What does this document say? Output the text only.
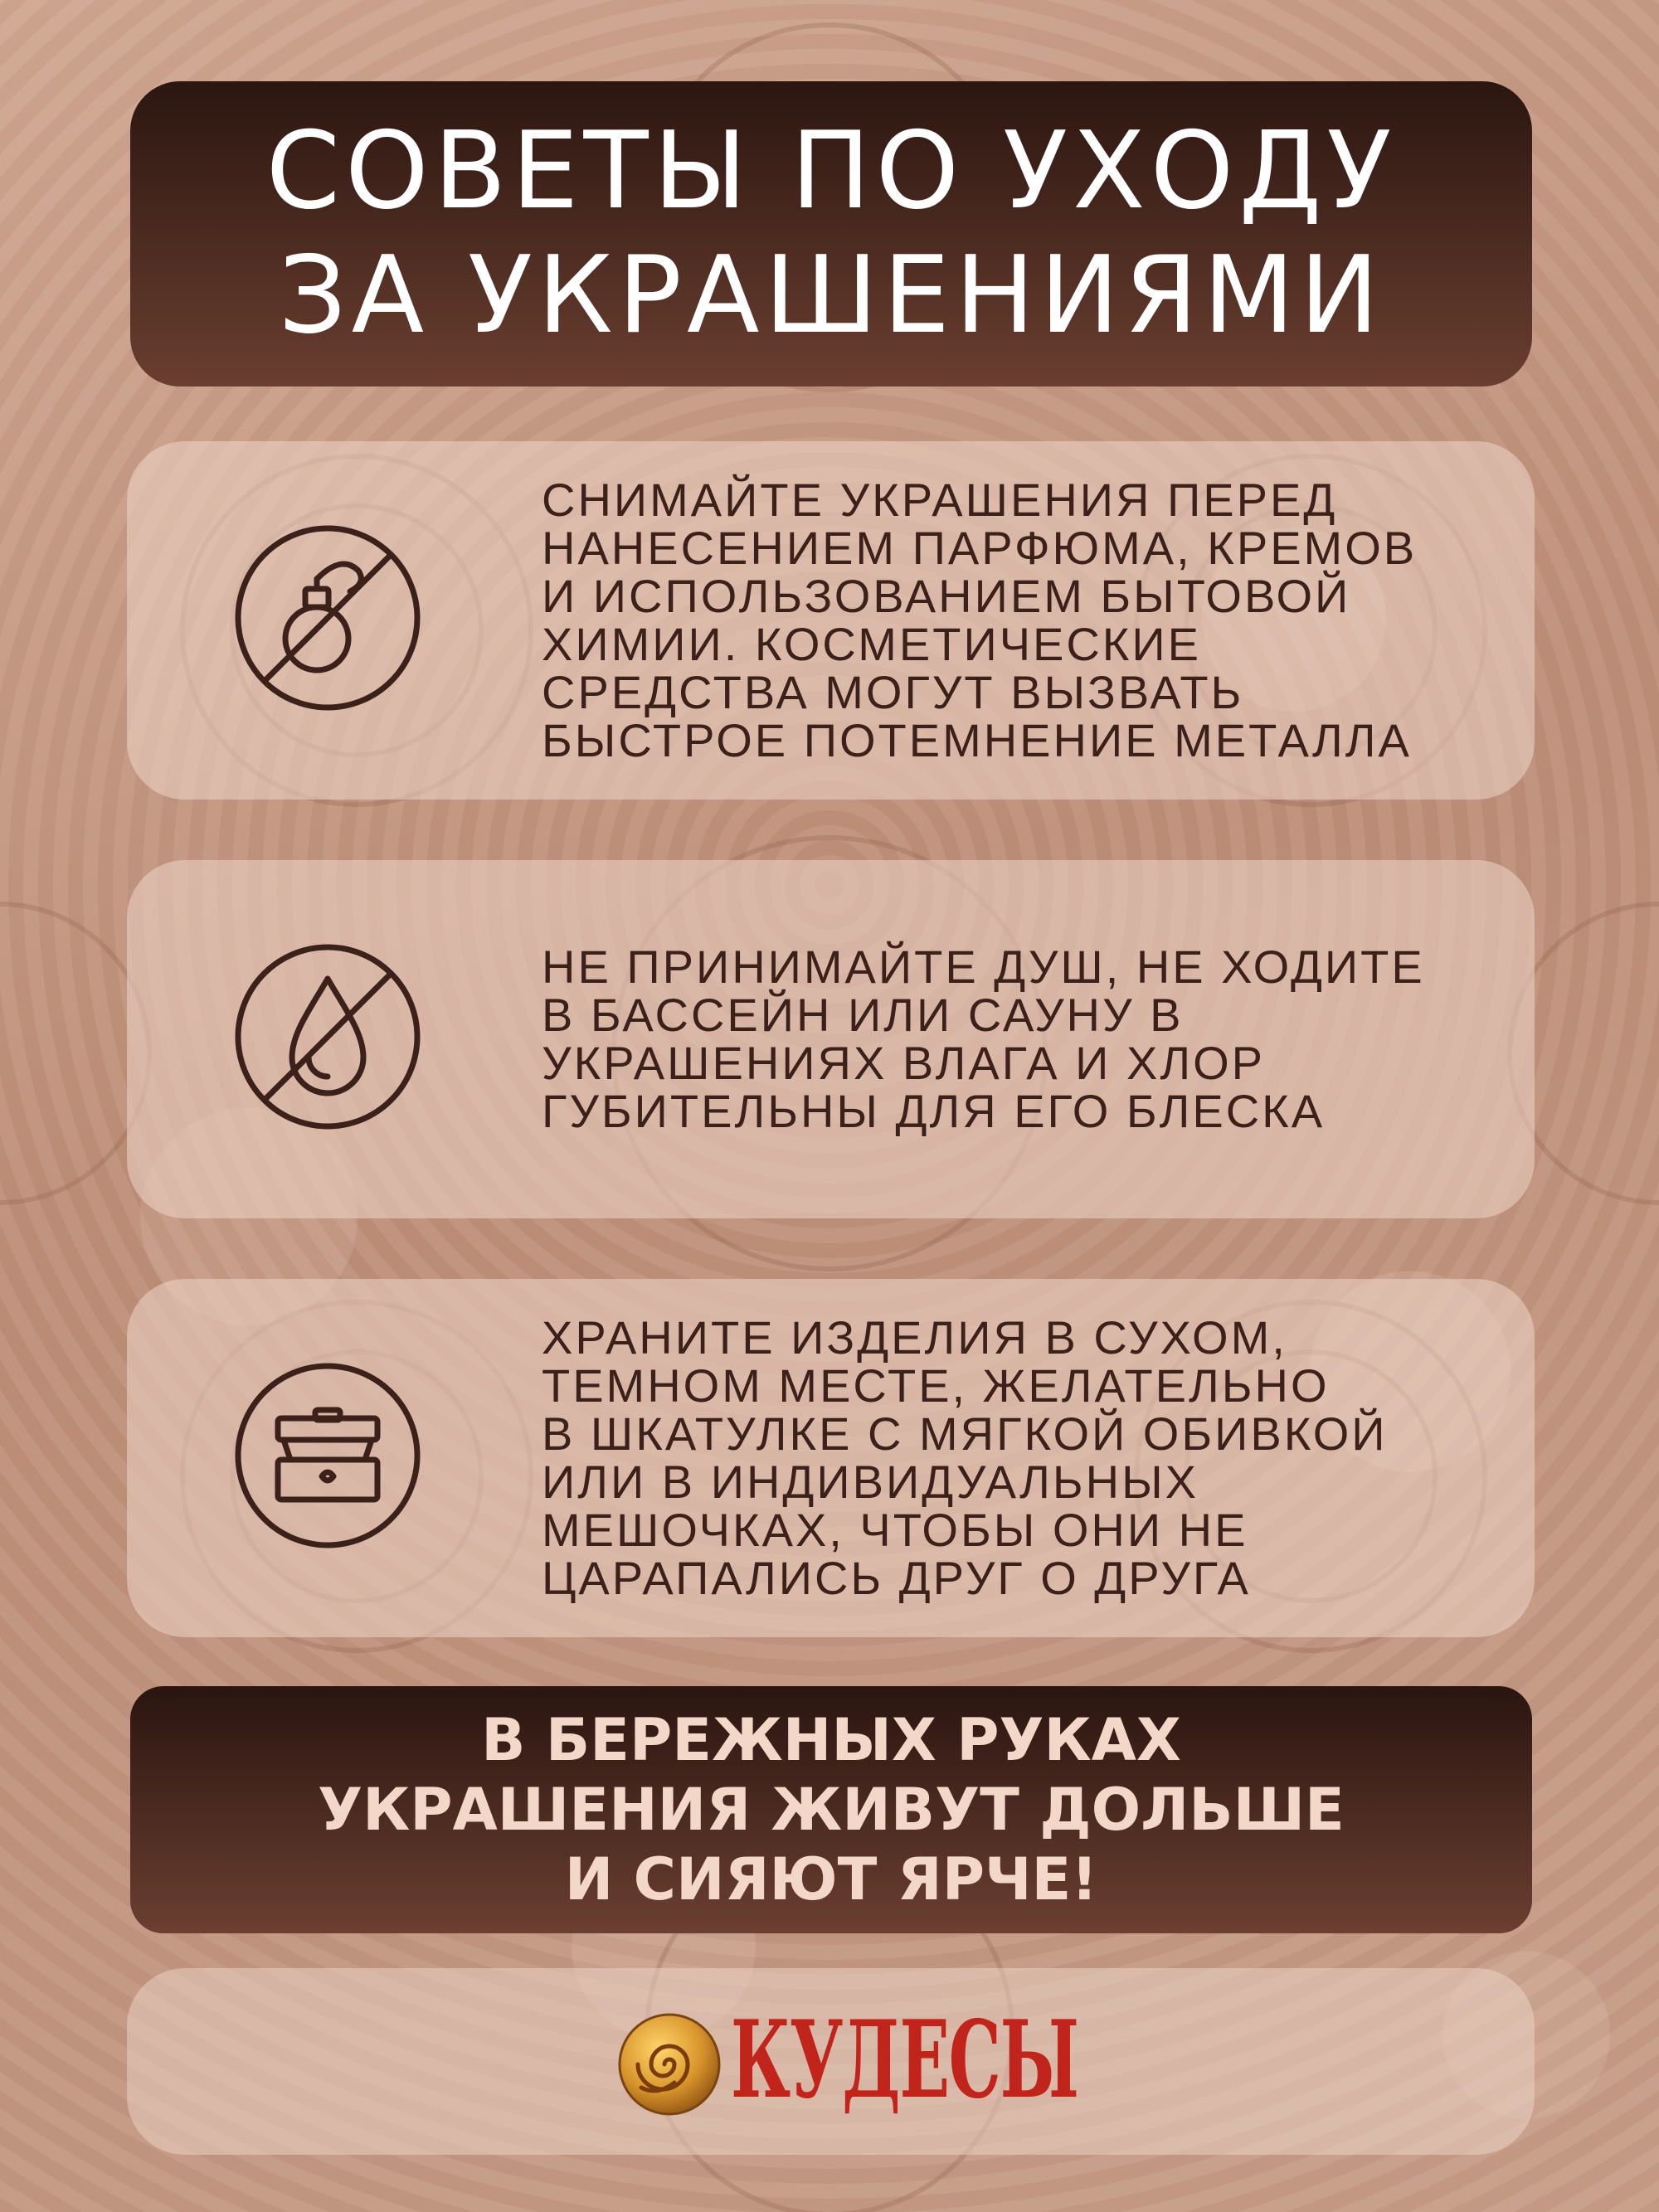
СОВЕТЫ ПО УХОДУ
ЗА УКРАШЕНИЯМИ
СНИМАЙТЕ УКРАШЕНИЯ ПЕРЕД
НАНЕСЕНИЕМ ПАРФЮМА, КРЕМОВ
И ИСПОЛЬЗОВАНИЕМ БЫТОВОЙ
ХИМИИ. КОСМЕТИЧЕСКИЕ
СРЕДСТВА МОГУТ ВЫЗВАТЬ
БЫСТРОЕ ПОТЕМНЕНИЕ МЕТАЛЛА
НЕ ПРИНИМАЙТЕ ДУШ, НЕ ХОДИТЕ
В БАССЕЙН ИЛИ САУНУ В
УКРАШЕНИЯХ ВЛАГА И ХЛОР
ГУБИТЕЛЬНЫ ДЛЯ ЕГО БЛЕСКА
ХРАНИТЕ ИЗДЕЛИЯ В СУХОМ,
ТЕМНОМ МЕСТЕ, ЖЕЛАТЕЛЬНО
В ШКАТУЛКЕ С МЯГКОЙ ОБИВКОЙ
ИЛИ В ИНДИВИДУАЛЬНЫХ
МЕШОЧКАХ, ЧТОБЫ ОНИ НЕ
ЦАРАПАЛИСЬ ДРУГ О ДРУГА
В БЕРЕЖНЫХ РУКАХ
УКРАШЕНИЯ ЖИВУТ ДОЛЬШЕ
И СИЯЮТ ЯРЧЕ!
КУДЕСЫ
